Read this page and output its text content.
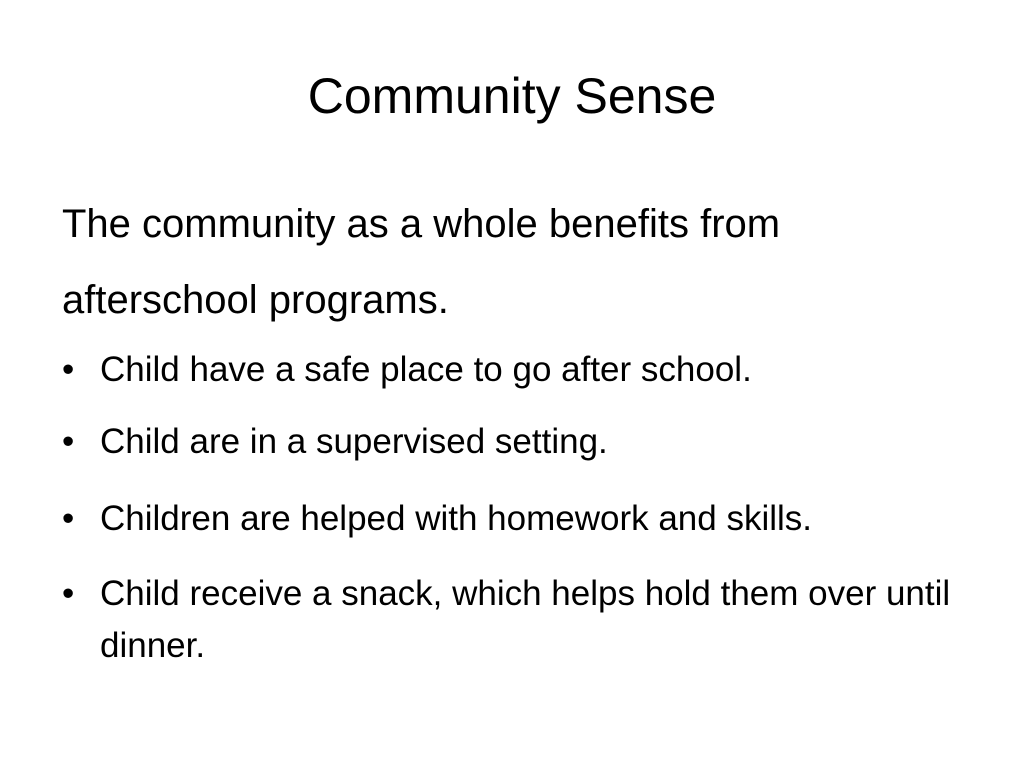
Community Sense

The community as a whole benefits from afterschool programs.

• Child have a safe place to go after school.
• Child are in a supervised setting.
• Children are helped with homework and skills.
• Child receive a snack, which helps hold them over until dinner.
